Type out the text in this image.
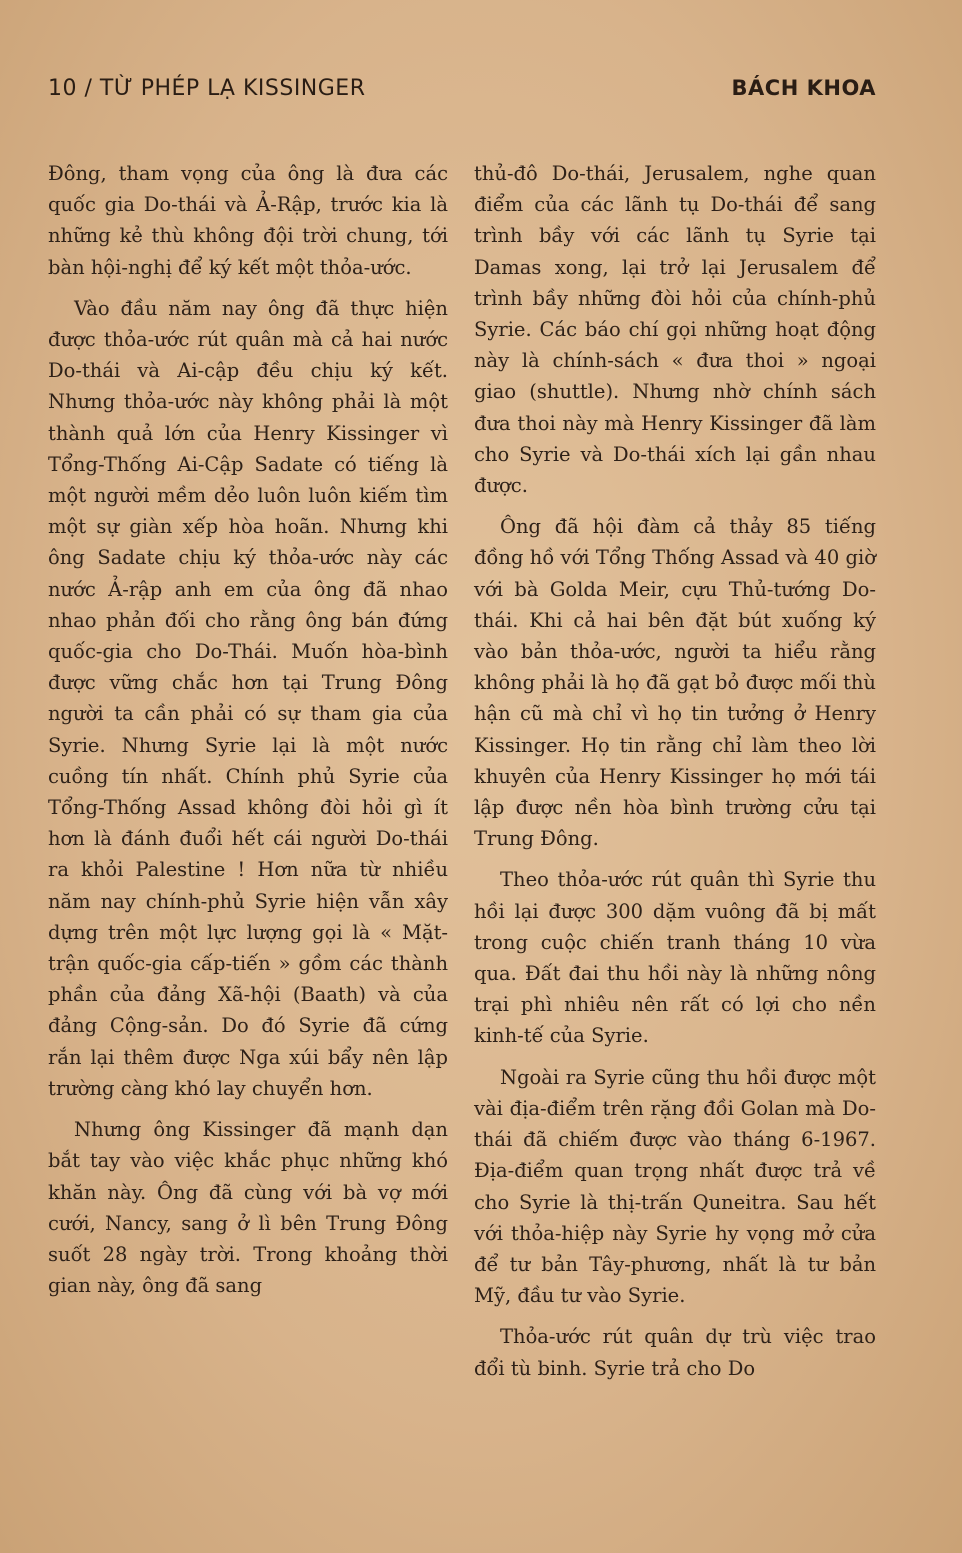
10 / TỪ PHÉP LẠ KISSINGER	BÁCH KHOA

Đông, tham vọng của ông là đưa các quốc gia Do-thái và Ả-Rập, trước kia là những kẻ thù không đội trời chung, tới bàn hội-nghị để ký kết một thỏa-ước.

Vào đầu năm nay ông đã thực hiện được thỏa-ước rút quân mà cả hai nước Do-thái và Ai-cập đều chịu ký kết. Nhưng thỏa-ước này không phải là một thành quả lớn của Henry Kissinger vì Tổng-Thống Ai-Cập Sadate có tiếng là một người mềm dẻo luôn luôn kiếm tìm một sự giàn xếp hòa hoãn. Nhưng khi ông Sadate chịu ký thỏa-ước này các nước Ả-rập anh em của ông đã nhao nhao phản đối cho rằng ông bán đứng quốc-gia cho Do-Thái. Muốn hòa-bình được vững chắc hơn tại Trung Đông người ta cần phải có sự tham gia của Syrie. Nhưng Syrie lại là một nước cuồng tín nhất. Chính phủ Syrie của Tổng-Thống Assad không đòi hỏi gì ít hơn là đánh đuổi hết cái người Do-thái ra khỏi Palestine ! Hơn nữa từ nhiều năm nay chính-phủ Syrie hiện vẫn xây dựng trên một lực lượng gọi là « Mặt-trận quốc-gia cấp-tiến » gồm các thành phần của đảng Xã-hội (Baath) và của đảng Cộng-sản. Do đó Syrie đã cứng rắn lại thêm được Nga xúi bẩy nên lập trường càng khó lay chuyển hơn.

Nhưng ông Kissinger đã mạnh dạn bắt tay vào việc khắc phục những khó khăn này. Ông đã cùng với bà vợ mới cưới, Nancy, sang ở lì bên Trung Đông suốt 28 ngày trời. Trong khoảng thời gian này, ông đã sang

thủ-đô Do-thái, Jerusalem, nghe quan điểm của các lãnh tụ Do-thái để sang trình bầy với các lãnh tụ Syrie tại Damas xong, lại trở lại Jerusalem để trình bầy những đòi hỏi của chính-phủ Syrie. Các báo chí gọi những hoạt động này là chính-sách « đưa thoi » ngoại giao (shuttle). Nhưng nhờ chính sách đưa thoi này mà Henry Kissinger đã làm cho Syrie và Do-thái xích lại gần nhau được.

Ông đã hội đàm cả thảy 85 tiếng đồng hồ với Tổng Thống Assad và 40 giờ với bà Golda Meir, cựu Thủ-tướng Do-thái. Khi cả hai bên đặt bút xuống ký vào bản thỏa-ước, người ta hiểu rằng không phải là họ đã gạt bỏ được mối thù hận cũ mà chỉ vì họ tin tưởng ở Henry Kissinger. Họ tin rằng chỉ làm theo lời khuyên của Henry Kissinger họ mới tái lập được nền hòa bình trường cửu tại Trung Đông.

Theo thỏa-ước rút quân thì Syrie thu hồi lại được 300 dặm vuông đã bị mất trong cuộc chiến tranh tháng 10 vừa qua. Đất đai thu hồi này là những nông trại phì nhiêu nên rất có lợi cho nền kinh-tế của Syrie.

Ngoài ra Syrie cũng thu hồi được một vài địa-điểm trên rặng đồi Golan mà Do-thái đã chiếm được vào tháng 6-1967. Địa-điểm quan trọng nhất được trả về cho Syrie là thị-trấn Quneitra. Sau hết với thỏa-hiệp này Syrie hy vọng mở cửa để tư bản Tây-phương, nhất là tư bản Mỹ, đầu tư vào Syrie.

Thỏa-ước rút quân dự trù việc trao đổi tù binh. Syrie trả cho Do
